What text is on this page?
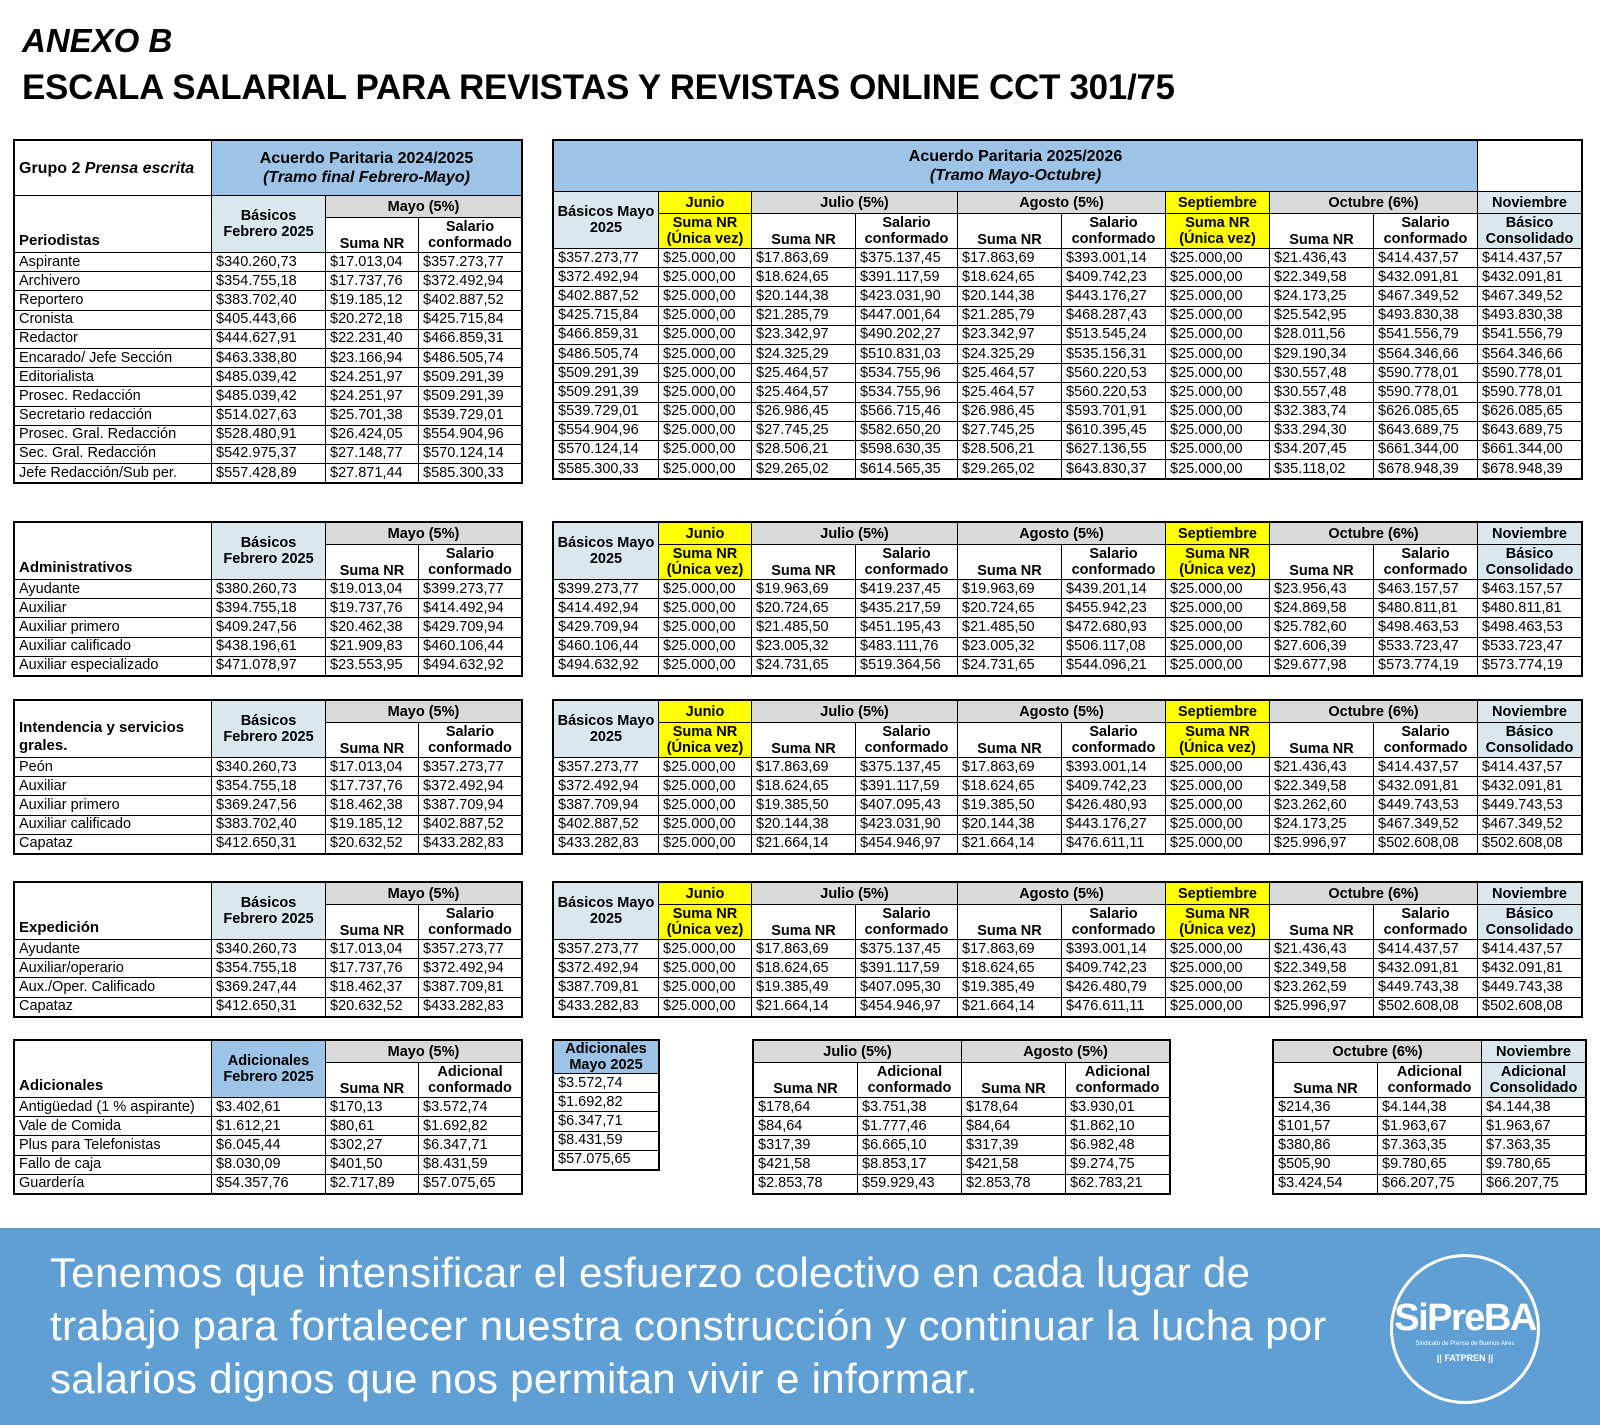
ANEXO B
ESCALA SALARIAL PARA REVISTAS Y REVISTAS ONLINE CCT 301/75
Grupo 2 Prensa escrita	Acuerdo Paritaria 2024/2025
(Tramo final Febrero-Mayo)		

Periodistas	Básicos Febrero 2025	Mayo (5%)	
		Suma NR	Salario conformado
Aspirante	$340.260,73	$17.013,04	$357.273,77
Archivero	$354.755,18	$17.737,76	$372.492,94
Reportero	$383.702,40	$19.185,12	$402.887,52
Cronista	$405.443,66	$20.272,18	$425.715,84
Redactor	$444.627,91	$22.231,40	$466.859,31
Encarado/ Jefe Sección	$463.338,80	$23.166,94	$486.505,74
Editorialista	$485.039,42	$24.251,97	$509.291,39
Prosec. Redacción	$485.039,42	$24.251,97	$509.291,39
Secretario redacción	$514.027,63	$25.701,38	$539.729,01
Prosec. Gral. Redacción	$528.480,91	$26.424,05	$554.904,96
Sec. Gral. Redacción	$542.975,37	$27.148,77	$570.124,14
Jefe Redacción/Sub per.	$557.428,89	$27.871,44	$585.300,33
Acuerdo Paritaria 2025/2026
(Tramo Mayo-Octubre)									

Básicos Mayo 2025	Junio	Julio (5%)		Agosto (5%)		Septiembre	Octubre (6%)		Noviembre
	Suma NR (Única vez)	Suma NR	Salario conformado	Suma NR	Salario conformado	Suma NR (Única vez)	Suma NR	Salario conformado	Básico Consolidado
$357.273,77	$25.000,00	$17.863,69	$375.137,45	$17.863,69	$393.001,14	$25.000,00	$21.436,43	$414.437,57	$414.437,57
$372.492,94	$25.000,00	$18.624,65	$391.117,59	$18.624,65	$409.742,23	$25.000,00	$22.349,58	$432.091,81	$432.091,81
$402.887,52	$25.000,00	$20.144,38	$423.031,90	$20.144,38	$443.176,27	$25.000,00	$24.173,25	$467.349,52	$467.349,52
$425.715,84	$25.000,00	$21.285,79	$447.001,64	$21.285,79	$468.287,43	$25.000,00	$25.542,95	$493.830,38	$493.830,38
$466.859,31	$25.000,00	$23.342,97	$490.202,27	$23.342,97	$513.545,24	$25.000,00	$28.011,56	$541.556,79	$541.556,79
$486.505,74	$25.000,00	$24.325,29	$510.831,03	$24.325,29	$535.156,31	$25.000,00	$29.190,34	$564.346,66	$564.346,66
$509.291,39	$25.000,00	$25.464,57	$534.755,96	$25.464,57	$560.220,53	$25.000,00	$30.557,48	$590.778,01	$590.778,01
$509.291,39	$25.000,00	$25.464,57	$534.755,96	$25.464,57	$560.220,53	$25.000,00	$30.557,48	$590.778,01	$590.778,01
$539.729,01	$25.000,00	$26.986,45	$566.715,46	$26.986,45	$593.701,91	$25.000,00	$32.383,74	$626.085,65	$626.085,65
$554.904,96	$25.000,00	$27.745,25	$582.650,20	$27.745,25	$610.395,45	$25.000,00	$33.294,30	$643.689,75	$643.689,75
$570.124,14	$25.000,00	$28.506,21	$598.630,35	$28.506,21	$627.136,55	$25.000,00	$34.207,45	$661.344,00	$661.344,00
$585.300,33	$25.000,00	$29.265,02	$614.565,35	$29.265,02	$643.830,37	$25.000,00	$35.118,02	$678.948,39	$678.948,39
Administrativos	Básicos Febrero 2025	Mayo (5%)	
		Suma NR	Salario conformado
Ayudante	$380.260,73	$19.013,04	$399.273,77
Auxiliar	$394.755,18	$19.737,76	$414.492,94
Auxiliar primero	$409.247,56	$20.462,38	$429.709,94
Auxiliar calificado	$438.196,61	$21.909,83	$460.106,44
Auxiliar especializado	$471.078,97	$23.553,95	$494.632,92
Básicos Mayo 2025	Junio	Julio (5%)		Agosto (5%)		Septiembre	Octubre (6%)		Noviembre
	Suma NR (Única vez)	Suma NR	Salario conformado	Suma NR	Salario conformado	Suma NR (Única vez)	Suma NR	Salario conformado	Básico Consolidado
$399.273,77	$25.000,00	$19.963,69	$419.237,45	$19.963,69	$439.201,14	$25.000,00	$23.956,43	$463.157,57	$463.157,57
$414.492,94	$25.000,00	$20.724,65	$435.217,59	$20.724,65	$455.942,23	$25.000,00	$24.869,58	$480.811,81	$480.811,81
$429.709,94	$25.000,00	$21.485,50	$451.195,43	$21.485,50	$472.680,93	$25.000,00	$25.782,60	$498.463,53	$498.463,53
$460.106,44	$25.000,00	$23.005,32	$483.111,76	$23.005,32	$506.117,08	$25.000,00	$27.606,39	$533.723,47	$533.723,47
$494.632,92	$25.000,00	$24.731,65	$519.364,56	$24.731,65	$544.096,21	$25.000,00	$29.677,98	$573.774,19	$573.774,19
Intendencia y servicios grales.	Básicos Febrero 2025	Mayo (5%)	
		Suma NR	Salario conformado
Peón	$340.260,73	$17.013,04	$357.273,77
Auxiliar	$354.755,18	$17.737,76	$372.492,94
Auxiliar primero	$369.247,56	$18.462,38	$387.709,94
Auxiliar calificado	$383.702,40	$19.185,12	$402.887,52
Capataz	$412.650,31	$20.632,52	$433.282,83
Básicos Mayo 2025	Junio	Julio (5%)		Agosto (5%)		Septiembre	Octubre (6%)		Noviembre
	Suma NR (Única vez)	Suma NR	Salario conformado	Suma NR	Salario conformado	Suma NR (Única vez)	Suma NR	Salario conformado	Básico Consolidado
$357.273,77	$25.000,00	$17.863,69	$375.137,45	$17.863,69	$393.001,14	$25.000,00	$21.436,43	$414.437,57	$414.437,57
$372.492,94	$25.000,00	$18.624,65	$391.117,59	$18.624,65	$409.742,23	$25.000,00	$22.349,58	$432.091,81	$432.091,81
$387.709,94	$25.000,00	$19.385,50	$407.095,43	$19.385,50	$426.480,93	$25.000,00	$23.262,60	$449.743,53	$449.743,53
$402.887,52	$25.000,00	$20.144,38	$423.031,90	$20.144,38	$443.176,27	$25.000,00	$24.173,25	$467.349,52	$467.349,52
$433.282,83	$25.000,00	$21.664,14	$454.946,97	$21.664,14	$476.611,11	$25.000,00	$25.996,97	$502.608,08	$502.608,08
Expedición	Básicos Febrero 2025	Mayo (5%)	
		Suma NR	Salario conformado
Ayudante	$340.260,73	$17.013,04	$357.273,77
Auxiliar/operario	$354.755,18	$17.737,76	$372.492,94
Aux./Oper. Calificado	$369.247,44	$18.462,37	$387.709,81
Capataz	$412.650,31	$20.632,52	$433.282,83
Básicos Mayo 2025	Junio	Julio (5%)		Agosto (5%)		Septiembre	Octubre (6%)		Noviembre
	Suma NR (Única vez)	Suma NR	Salario conformado	Suma NR	Salario conformado	Suma NR (Única vez)	Suma NR	Salario conformado	Básico Consolidado
$357.273,77	$25.000,00	$17.863,69	$375.137,45	$17.863,69	$393.001,14	$25.000,00	$21.436,43	$414.437,57	$414.437,57
$372.492,94	$25.000,00	$18.624,65	$391.117,59	$18.624,65	$409.742,23	$25.000,00	$22.349,58	$432.091,81	$432.091,81
$387.709,81	$25.000,00	$19.385,49	$407.095,30	$19.385,49	$426.480,79	$25.000,00	$23.262,59	$449.743,38	$449.743,38
$433.282,83	$25.000,00	$21.664,14	$454.946,97	$21.664,14	$476.611,11	$25.000,00	$25.996,97	$502.608,08	$502.608,08
Adicionales	Adicionales Febrero 2025	Mayo (5%)	
		Suma NR	Adicional conformado
Antigüedad (1 % aspirante)	$3.402,61	$170,13	$3.572,74
Vale de Comida	$1.612,21	$80,61	$1.692,82
Plus para Telefonistas	$6.045,44	$302,27	$6.347,71
Fallo de caja	$8.030,09	$401,50	$8.431,59
Guardería	$54.357,76	$2.717,89	$57.075,65
Adicionales Mayo 2025

$3.572,74
$1.692,82
$6.347,71
$8.431,59
$57.075,65
Julio (5%)		Agosto (5%)	
Suma NR	Adicional conformado	Suma NR	Adicional conformado
$178,64	$3.751,38	$178,64	$3.930,01
$84,64	$1.777,46	$84,64	$1.862,10
$317,39	$6.665,10	$317,39	$6.982,48
$421,58	$8.853,17	$421,58	$9.274,75
$2.853,78	$59.929,43	$2.853,78	$62.783,21
Octubre (6%)		Noviembre
Suma NR	Adicional conformado	Adicional Consolidado
$214,36	$4.144,38	$4.144,38
$101,57	$1.963,67	$1.963,67
$380,86	$7.363,35	$7.363,35
$505,90	$9.780,65	$9.780,65
$3.424,54	$66.207,75	$66.207,75
Tenemos que intensificar el esfuerzo colectivo en cada lugar de trabajo para fortalecer nuestra construcción y continuar la lucha por salarios dignos que nos permitan vivir e informar.
SiPreBA
Sindicato de Prensa de Buenos Aires
|| FATPREN ||
